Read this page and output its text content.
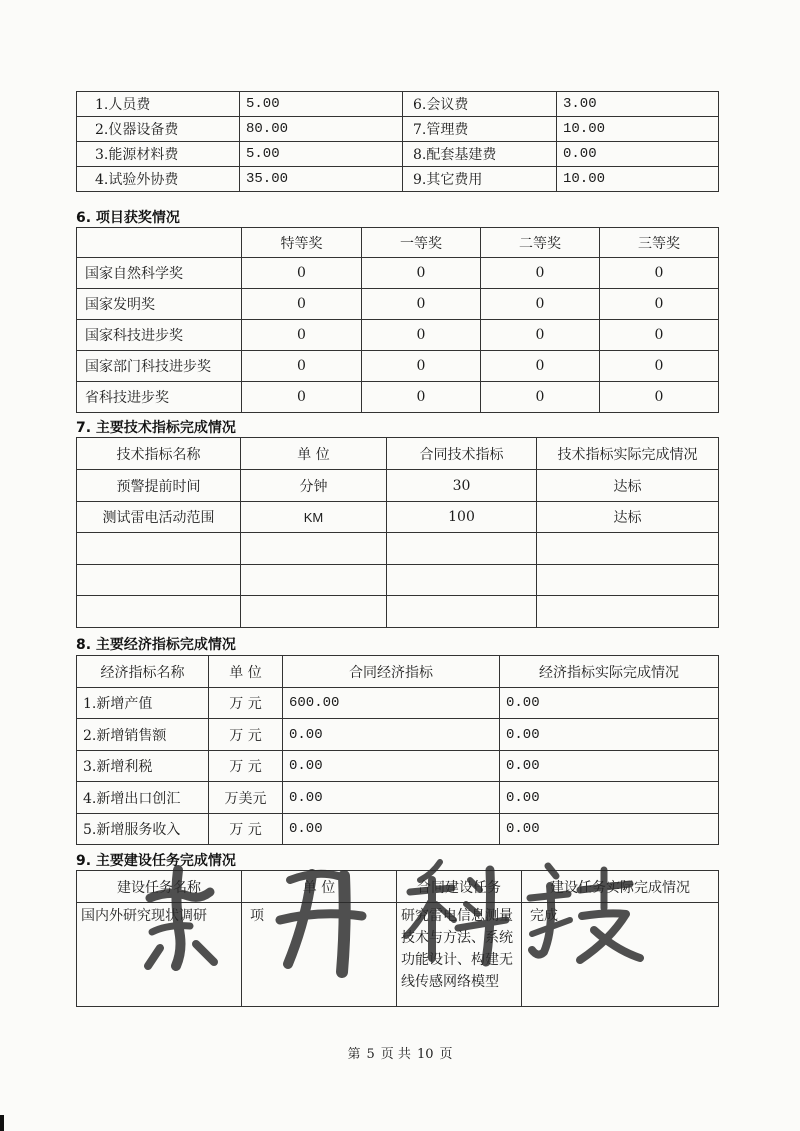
1.人员费	5.00	6.会议费	3.00
2.仪器设备费	80.00	7.管理费	10.00
3.能源材料费	5.00	8.配套基建费	0.00
4.试验外协费	35.00	9.其它费用	10.00
6. 项目获奖情况
	特等奖	一等奖	二等奖	三等奖
国家自然科学奖	0	0	0	0
国家发明奖	0	0	0	0
国家科技进步奖	0	0	0	0
国家部门科技进步奖	0	0	0	0
省科技进步奖	0	0	0	0
7. 主要技术指标完成情况
技术指标名称	单 位	合同技术指标	技术指标实际完成情况
预警提前时间	分钟	30	达标
测试雷电活动范围	KM	100	达标

8. 主要经济指标完成情况
经济指标名称	单 位	合同经济指标	经济指标实际完成情况
1.新增产值	万 元	600.00	0.00
2.新增销售额	万 元	0.00	0.00
3.新增利税	万 元	0.00	0.00
4.新增出口创汇	万美元	0.00	0.00
5.新增服务收入	万 元	0.00	0.00
9. 主要建设任务完成情况
建设任务名称	单 位	合同建设任务	建设任务实际完成情况
国内外研究现状调研	项	研究雷电信息测量技术与方法、系统功能设计、构建无线传感网络模型	完成
第 5 页 共 10 页
